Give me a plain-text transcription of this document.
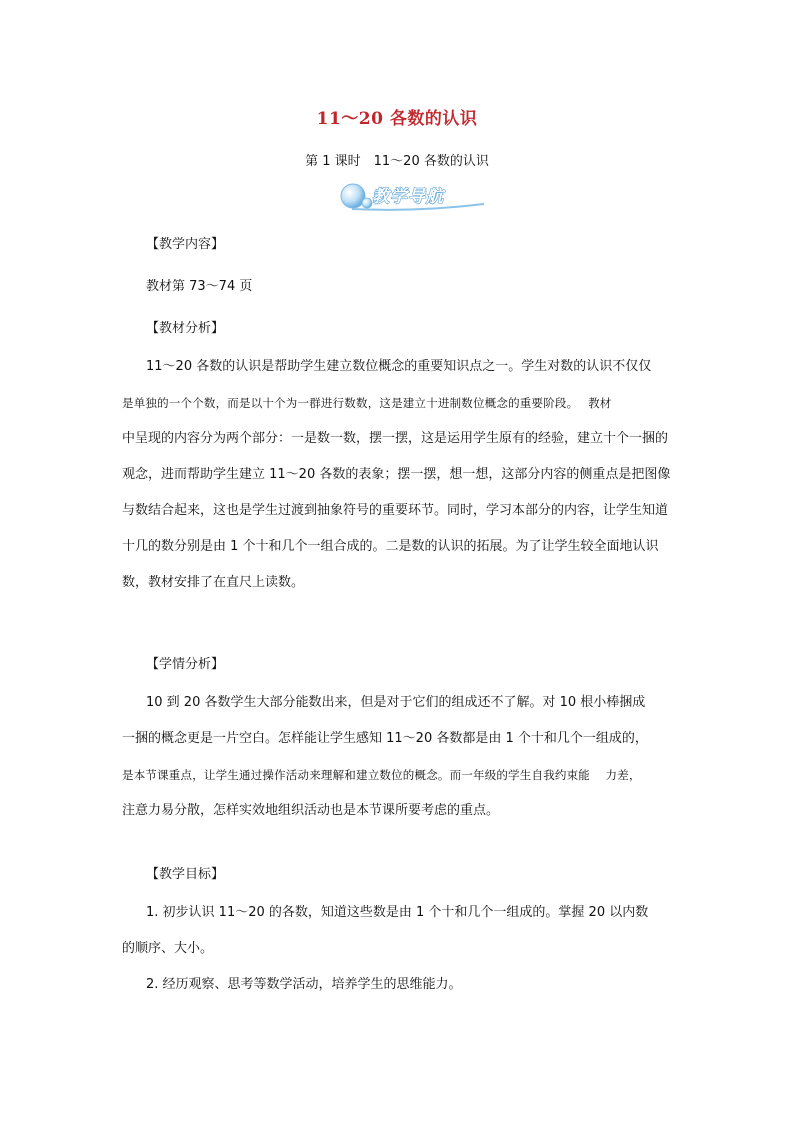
11～20 各数的认识
第 1 课时　11～20 各数的认识
教学导航
【教学内容】
教材第 73～74 页
【教材分析】
11～20 各数的认识是帮助学生建立数位概念的重要知识点之一。学生对数的认识不仅仅
是单独的一个个数，而是以十个为一群进行数数，这是建立十进制数位概念的重要阶段。　 教材
中呈现的内容分为两个部分：一是数一数，摆一摆，这是运用学生原有的经验，建立十个一捆的
观念，进而帮助学生建立 11～20 各数的表象；摆一摆，想一想，这部分内容的侧重点是把图像
与数结合起来，这也是学生过渡到抽象符号的重要环节。同时，学习本部分的内容，让学生知道
十几的数分别是由 1 个十和几个一组合成的。二是数的认识的拓展。为了让学生较全面地认识
数，教材安排了在直尺上读数。
【学情分析】
10 到 20 各数学生大部分能数出来，但是对于它们的组成还不了解。对 10 根小棒捆成
一捆的概念更是一片空白。怎样能让学生感知 11～20 各数都是由 1 个十和几个一组成的，
是本节课重点，让学生通过操作活动来理解和建立数位的概念。而一年级的学生自我约束能　 力差，
注意力易分散，怎样实效地组织活动也是本节课所要考虑的重点。
【教学目标】
1. 初步认识 11～20 的各数，知道这些数是由 1 个十和几个一组成的。掌握 20 以内数
的顺序、大小。
2. 经历观察、思考等数学活动，培养学生的思维能力。
